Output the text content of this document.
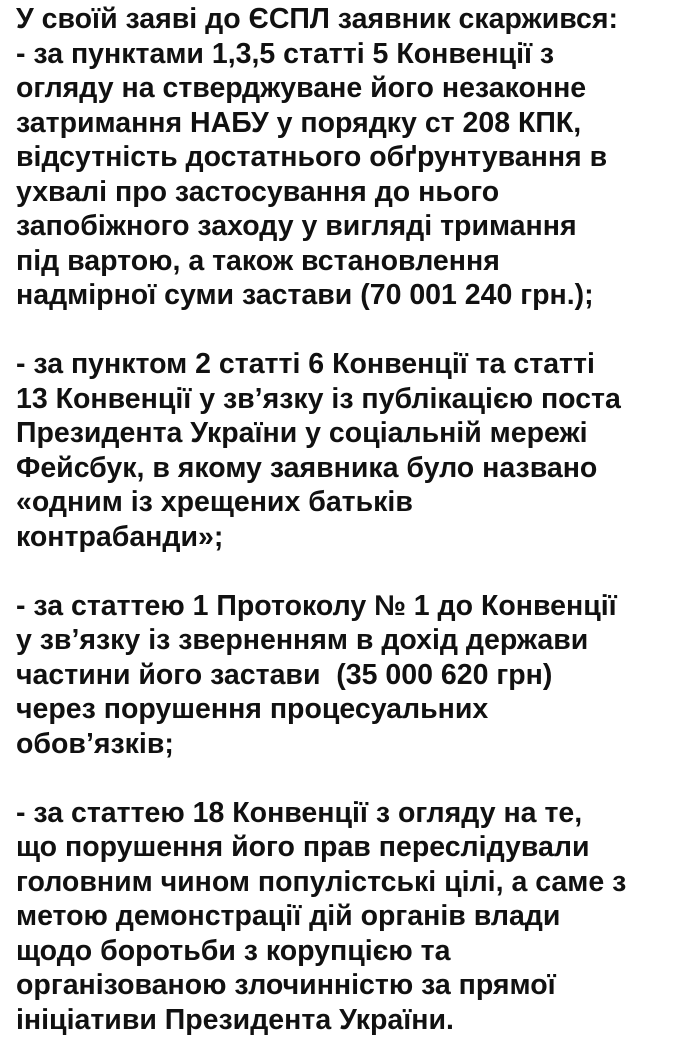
У своїй заяві до ЄСПЛ заявник скаржився:
- за пунктами 1,3,5 статті 5 Конвенції з
огляду на стверджуване його незаконне
затримання НАБУ у порядку ст 208 КПК,
відсутність достатнього обґрунтування в
ухвалі про застосування до нього
запобіжного заходу у вигляді тримання
під вартою, а також встановлення
надмірної суми застави (70 001 240 грн.);
- за пунктом 2 статті 6 Конвенції та статті
13 Конвенції у зв’язку із публікацією поста
Президента України у соціальній мережі
Фейсбук, в якому заявника було названо
«одним із хрещених батьків
контрабанди»;
- за статтею 1 Протоколу № 1 до Конвенції
у зв’язку із зверненням в дохід держави
частини його застави  (35 000 620 грн)
через порушення процесуальних
обов’язків;
- за статтею 18 Конвенції з огляду на те,
що порушення його прав переслідували
головним чином популістські цілі, а саме з
метою демонстрації дій органів влади
щодо боротьби з корупцією та
організованою злочинністю за прямої
ініціативи Президента України.
